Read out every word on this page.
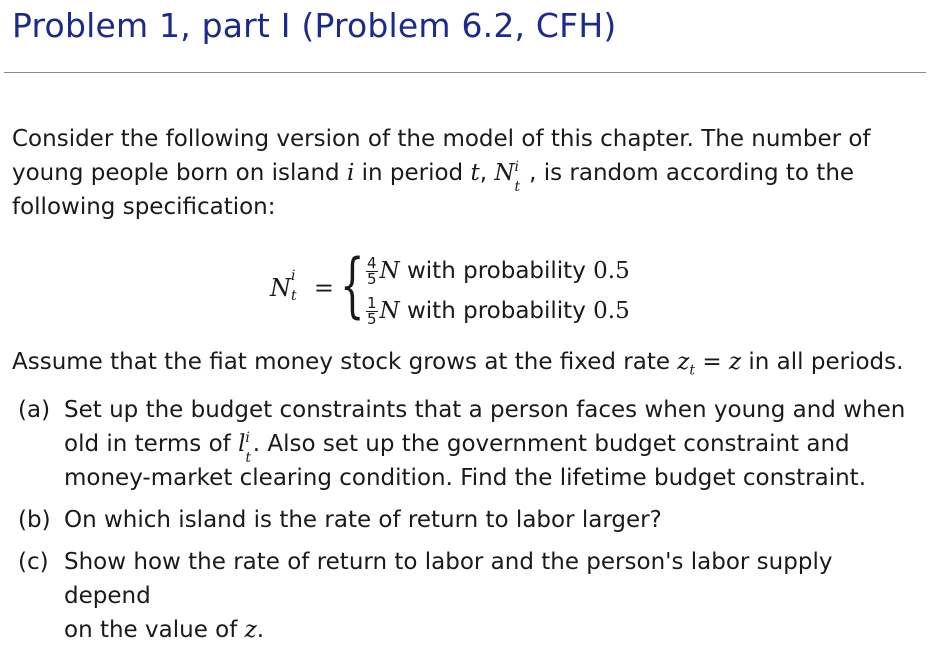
Problem 1, part I (Problem 6.2, CFH)
Consider the following version of the model of this chapter. The number of
young people born on island i in period t, N i
t
, is random according to the
following specification:
N i
t = { $\frac{4}{5}$ N with probability 0.5
$\frac{1}{5}$ N with probability 0.5
Assume that the fiat money stock grows at the fixed rate $z_t = z$ in all periods.
(a) Set up the budget constraints that a person faces when young and when
old in terms of l i
t
. Also set up the government budget constraint and
money-market clearing condition. Find the lifetime budget constraint.
(b) On which island is the rate of return to labor larger?
(c) Show how the rate of return to labor and the person's labor supply depend
on the value of z.
